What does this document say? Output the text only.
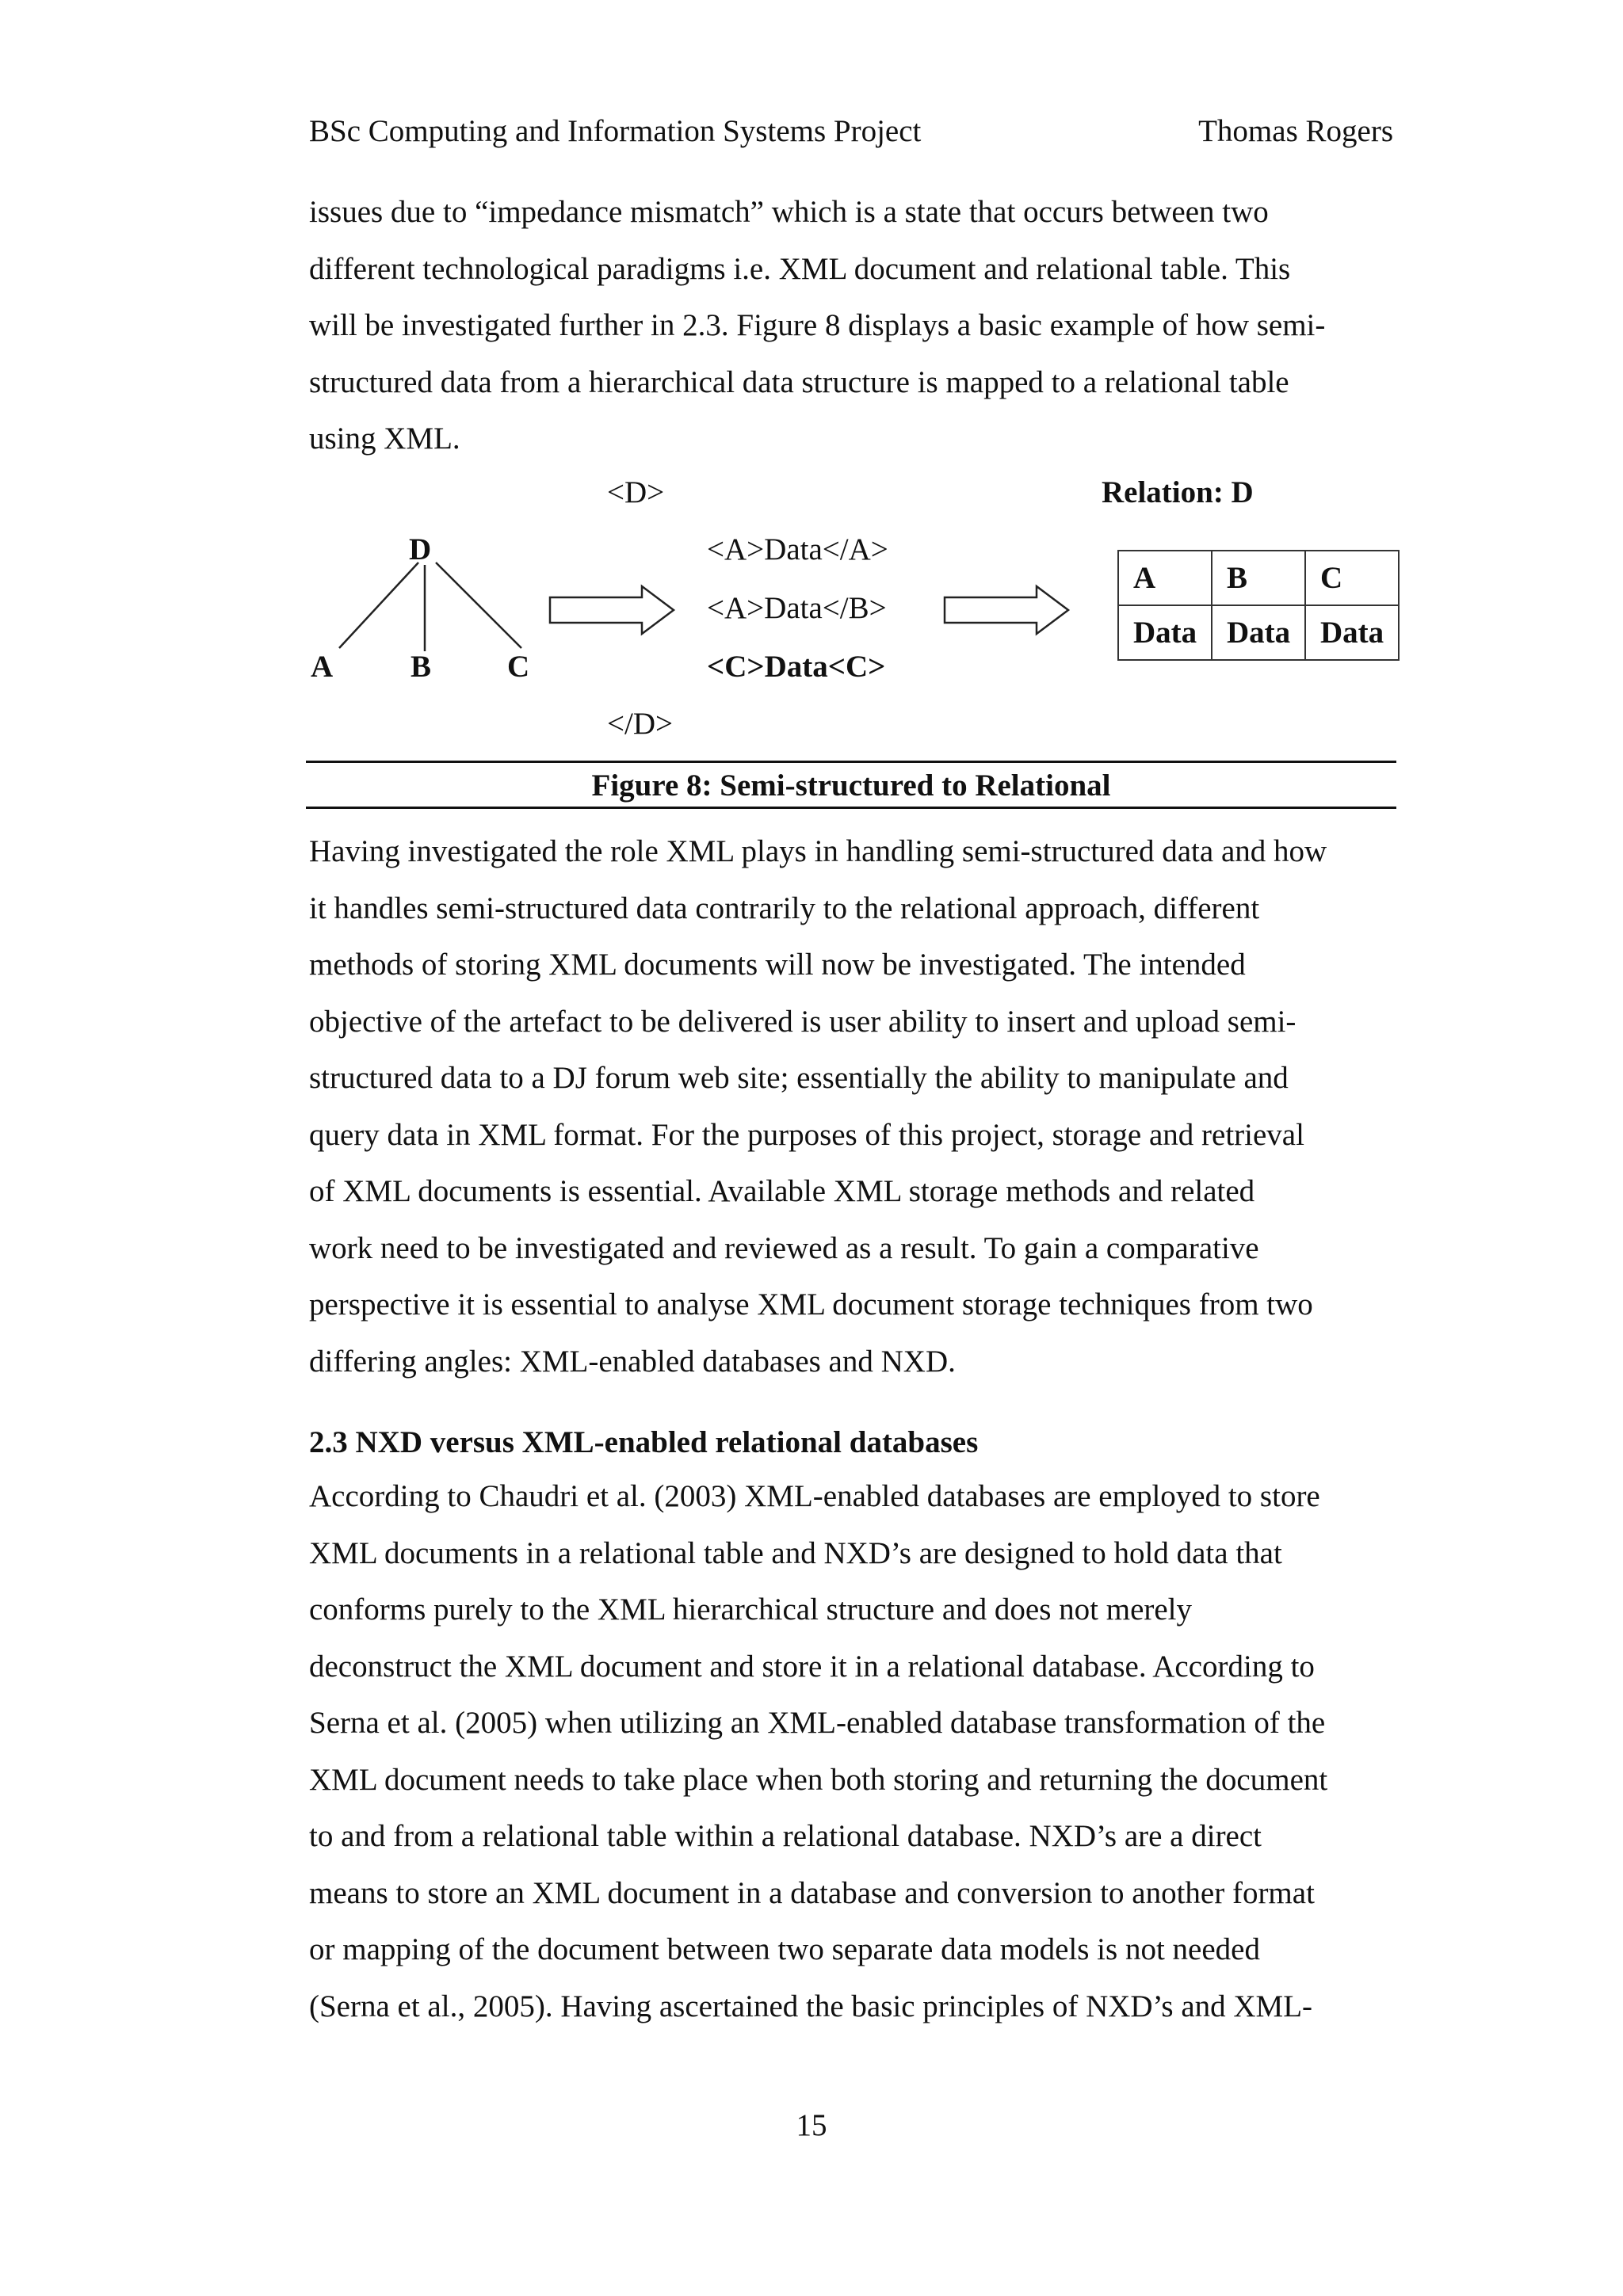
BSc Computing and Information Systems Project	Thomas Rogers

issues due to “impedance mismatch” which is a state that occurs between two

different technological paradigms i.e. XML document and relational table. This

will be investigated further in 2.3. Figure 8 displays a basic example of how semi-

structured data from a hierarchical data structure is mapped to a relational table

using XML.

D
A	B C
<D>
<A>Data</A>
<A>Data</B>
<C>Data<C>
</D>
Relation: D
A	B	C
Data	Data	Data
Figure 8: Semi-structured to Relational

Having investigated the role XML plays in handling semi-structured data and how

it handles semi-structured data contrarily to the relational approach, different

methods of storing XML documents will now be investigated. The intended

objective of the artefact to be delivered is user ability to insert and upload semi-

structured data to a DJ forum web site; essentially the ability to manipulate and

query data in XML format. For the purposes of this project, storage and retrieval

of XML documents is essential. Available XML storage methods and related

work need to be investigated and reviewed as a result. To gain a comparative

perspective it is essential to analyse XML document storage techniques from two

differing angles: XML-enabled databases and NXD.

2.3 NXD versus XML-enabled relational databases

According to Chaudri et al. (2003) XML-enabled databases are employed to store

XML documents in a relational table and NXD’s are designed to hold data that

conforms purely to the XML hierarchical structure and does not merely

deconstruct the XML document and store it in a relational database. According to

Serna et al. (2005) when utilizing an XML-enabled database transformation of the

XML document needs to take place when both storing and returning the document

to and from a relational table within a relational database. NXD’s are a direct

means to store an XML document in a database and conversion to another format

or mapping of the document between two separate data models is not needed

(Serna et al., 2005). Having ascertained the basic principles of NXD’s and XML-

15
